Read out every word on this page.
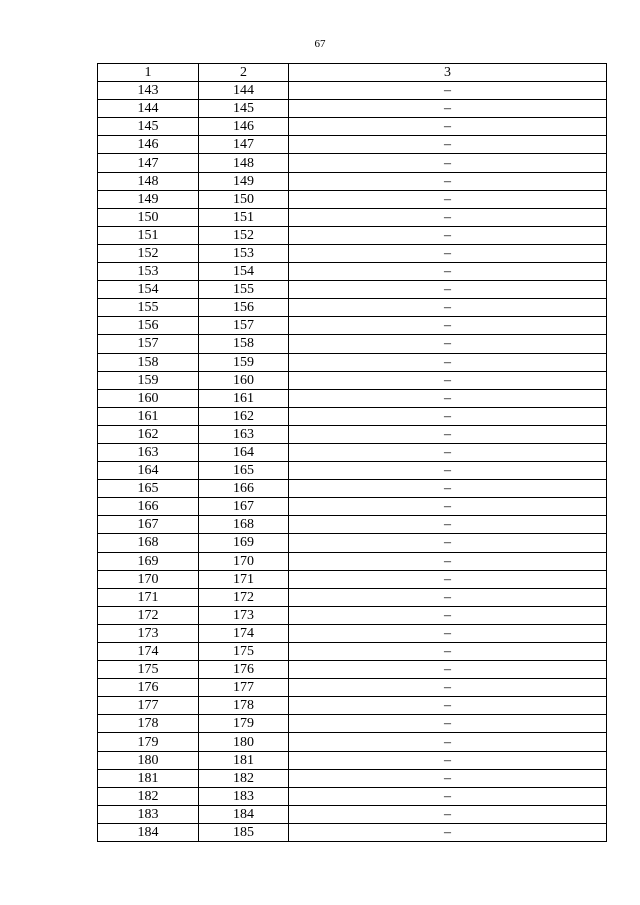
67
1	2	3
143	144	–
144	145	–
145	146	–
146	147	–
147	148	–
148	149	–
149	150	–
150	151	–
151	152	–
152	153	–
153	154	–
154	155	–
155	156	–
156	157	–
157	158	–
158	159	–
159	160	–
160	161	–
161	162	–
162	163	–
163	164	–
164	165	–
165	166	–
166	167	–
167	168	–
168	169	–
169	170	–
170	171	–
171	172	–
172	173	–
173	174	–
174	175	–
175	176	–
176	177	–
177	178	–
178	179	–
179	180	–
180	181	–
181	182	–
182	183	–
183	184	–
184	185	–
